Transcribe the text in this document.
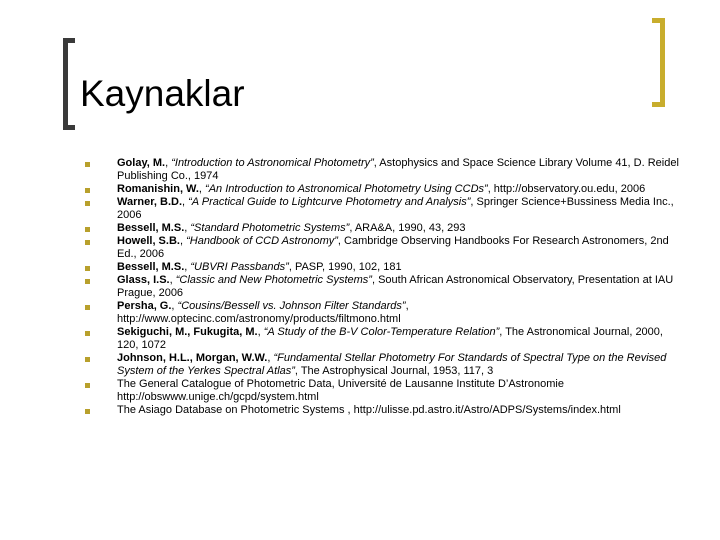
Kaynaklar
Golay, M., “Introduction to Astronomical Photometry”, Astophysics and Space Science Library Volume 41, D. Reidel Publishing Co., 1974
Romanishin, W., “An Introduction to Astronomical Photometry Using CCDs”, http://observatory.ou.edu, 2006
Warner, B.D., “A Practical Guide to Lightcurve Photometry and Analysis”, Springer Science+Bussiness Media Inc., 2006
Bessell, M.S., “Standard Photometric Systems”, ARA&A, 1990, 43, 293
Howell, S.B., “Handbook of CCD Astronomy”, Cambridge Observing Handbooks For Research Astronomers, 2nd Ed., 2006
Bessell, M.S., “UBVRI Passbands”, PASP, 1990, 102, 181
Glass, I.S., “Classic and New Photometric Systems”, South African Astronomical Observatory, Presentation at IAU Prague, 2006
Persha, G., “Cousins/Bessell vs. Johnson Filter Standards”, http://www.optecinc.com/astronomy/products/filtmono.html
Sekiguchi, M., Fukugita, M., “A Study of the B-V Color-Temperature Relation”, The Astronomical Journal, 2000, 120, 1072
Johnson, H.L., Morgan, W.W., “Fundamental Stellar Photometry For Standards of Spectral Type on the Revised System of the Yerkes Spectral Atlas”, The Astrophysical Journal, 1953, 117, 3
The General Catalogue of Photometric Data, Université de Lausanne Institute D’Astronomie http://obswww.unige.ch/gcpd/system.html
The Asiago Database on Photometric Systems , http://ulisse.pd.astro.it/Astro/ADPS/Systems/index.html
